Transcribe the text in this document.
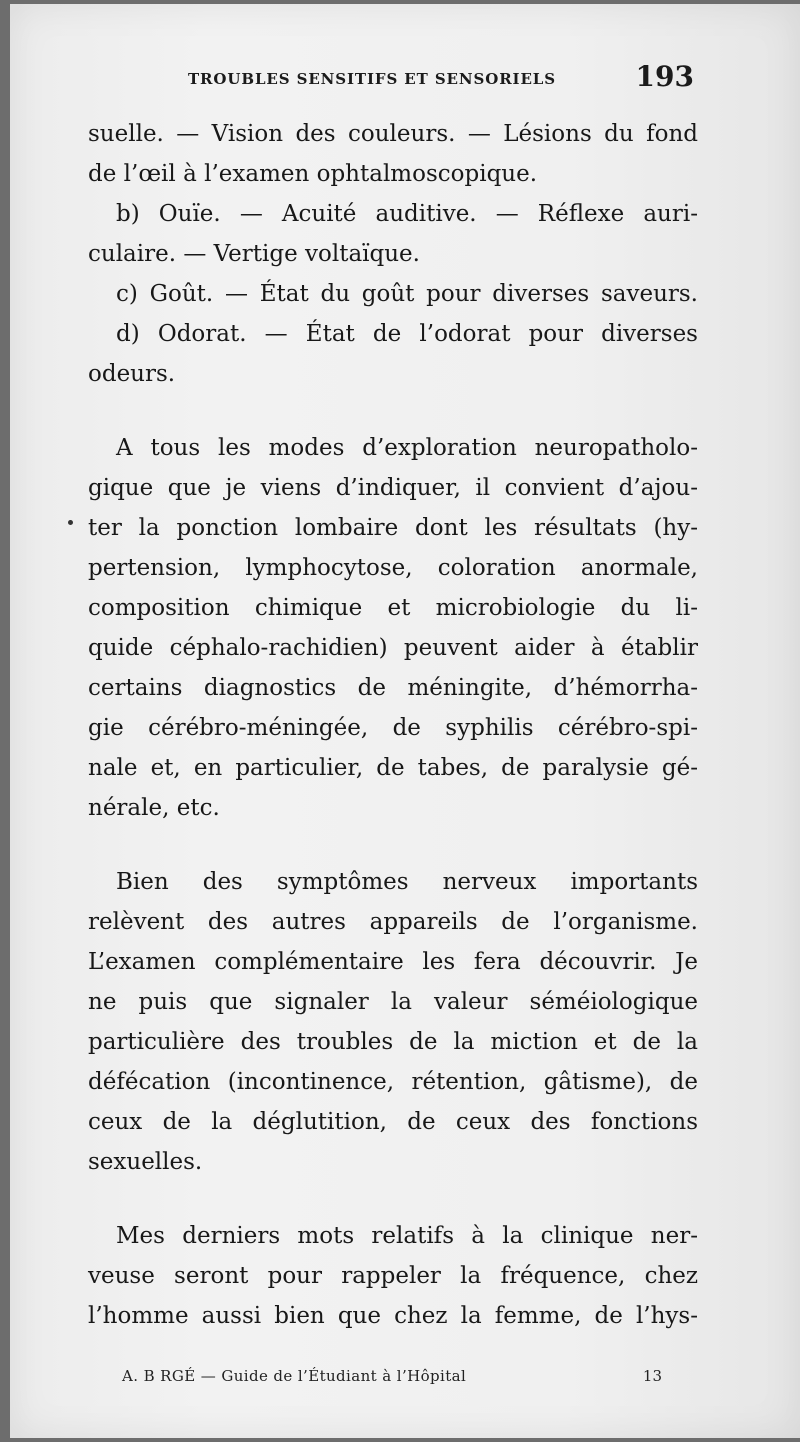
TROUBLES SENSITIFS ET SENSORIELS	193
suelle. — Vision des couleurs. — Lésions du fond
de l’œil à l’examen ophtalmoscopique.
b) Ouïe. — Acuité auditive. — Réflexe auri-
culaire. — Vertige voltaïque.
c) Goût. — État du goût pour diverses saveurs.
d) Odorat. — État de l’odorat pour diverses
odeurs.
A tous les modes d’exploration neuropatholo-
gique que je viens d’indiquer, il convient d’ajou-
ter la ponction lombaire dont les résultats (hy-
pertension, lymphocytose, coloration anormale,
composition chimique et microbiologie du li-
quide céphalo-rachidien) peuvent aider à établir
certains diagnostics de méningite, d’hémorrha-
gie cérébro-méningée, de syphilis cérébro-spi-
nale et, en particulier, de tabes, de paralysie gé-
nérale, etc.
Bien des symptômes nerveux importants
relèvent des autres appareils de l’organisme.
L’examen complémentaire les fera découvrir. Je
ne puis que signaler la valeur séméiologique
particulière des troubles de la miction et de la
défécation (incontinence, rétention, gâtisme), de
ceux de la déglutition, de ceux des fonctions
sexuelles.
Mes derniers mots relatifs à la clinique ner-
veuse seront pour rappeler la fréquence, chez
l’homme aussi bien que chez la femme, de l’hys-
A. B RGÉ — Guide de l’Étudiant à l’Hôpital	13
